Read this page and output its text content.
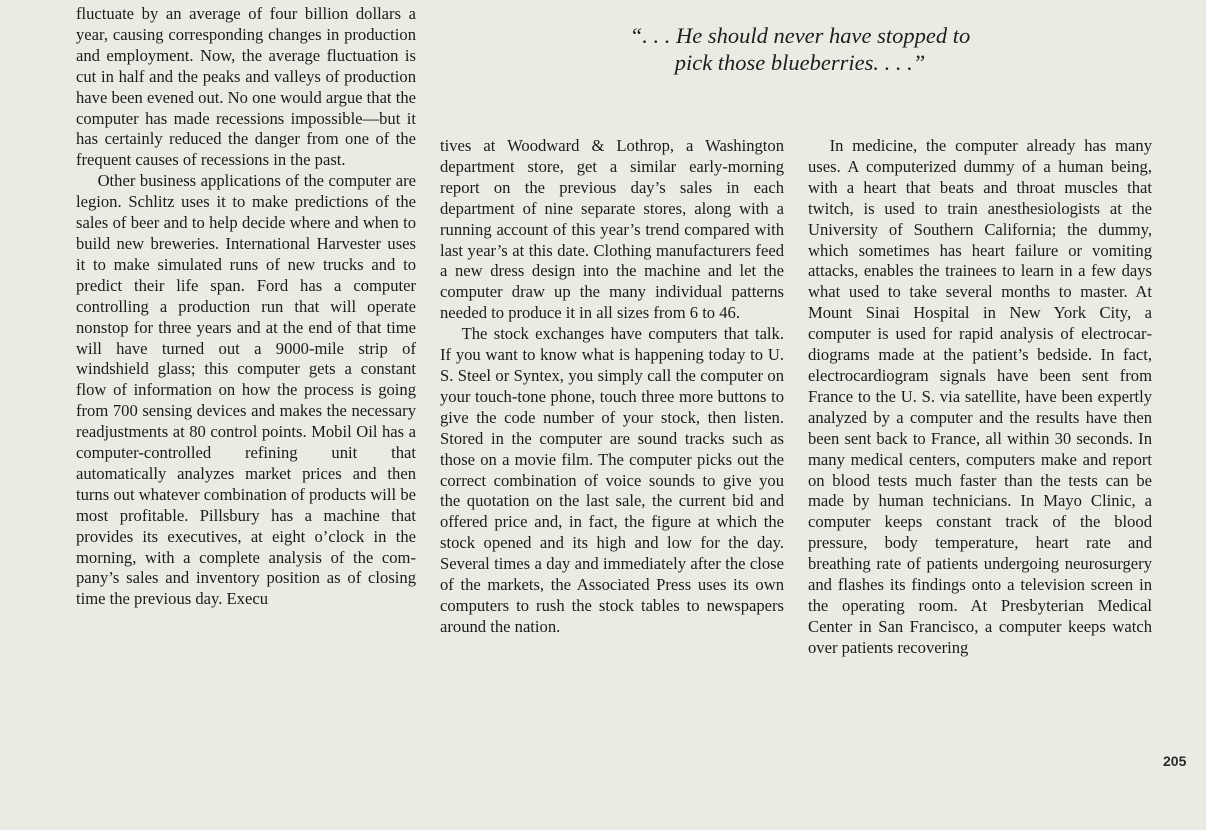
“. . . He should never have stopped to
pick those blueberries. . . .”

fluctuate by an average of four billion dollars a year, causing corresponding changes in production and employment. Now, the average fluctuation is cut in half and the peaks and valleys of production have been evened out. No one would argue that the computer has made recessions impossible—but it has certainly reduced the danger from one of the frequent causes of recessions in the past.

Other business applications of the computer are legion. Schlitz uses it to make predictions of the sales of beer and to help decide where and when to build new breweries. International Harvester uses it to make simulated runs of new trucks and to predict their life span. Ford has a computer controlling a production run that will operate nonstop for three years and at the end of that time will have turned out a 9000-mile strip of windshield glass; this computer gets a constant flow of information on how the process is going from 700 sensing devices and makes the necessary readjustments at 80 control points. Mobil Oil has a computer-controlled refining unit that automatically analyzes market prices and then turns out whatever combination of products will be most profitable. Pillsbury has a machine that provides its executives, at eight o’clock in the morning, with a complete analysis of the company’s sales and inventory position as of closing time the previous day. Execu

tives at Woodward & Lothrop, a Washington department store, get a similar early-morning report on the previous day’s sales in each department of nine separate stores, along with a running account of this year’s trend compared with last year’s at this date. Clothing manufacturers feed a new dress design into the machine and let the computer draw up the many individual patterns needed to produce it in all sizes from 6 to 46.

The stock exchanges have computers that talk. If you want to know what is happening today to U. S. Steel or Syntex, you simply call the computer on your touch-tone phone, touch three more buttons to give the code number of your stock, then listen. Stored in the computer are sound tracks such as those on a movie film. The computer picks out the correct combination of voice sounds to give you the quotation on the last sale, the current bid and offered price and, in fact, the figure at which the stock opened and its high and low for the day. Several times a day and immediately after the close of the markets, the Associated Press uses its own computers to rush the stock tables to newspapers around the nation.

In medicine, the computer already has many uses. A computerized dummy of a human being, with a heart that beats and throat muscles that twitch, is used to train anesthesiologists at the University of Southern California; the dummy, which sometimes has heart failure or vomiting attacks, enables the trainees to learn in a few days what used to take several months to master. At Mount Sinai Hospital in New York City, a computer is used for rapid analysis of electrocardiograms made at the patient’s bedside. In fact, electrocardiogram signals have been sent from France to the U. S. via satellite, have been expertly analyzed by a computer and the results have then been sent back to France, all within 30 seconds. In many medical centers, computers make and report on blood tests much faster than the tests can be made by human technicians. In Mayo Clinic, a computer keeps constant track of the blood pressure, body temperature, heart rate and breathing rate of patients undergoing neurosurgery and flashes its findings onto a television screen in the operating room. At Presbyterian Medical Center in San Francisco, a computer keeps watch over patients recovering

205
